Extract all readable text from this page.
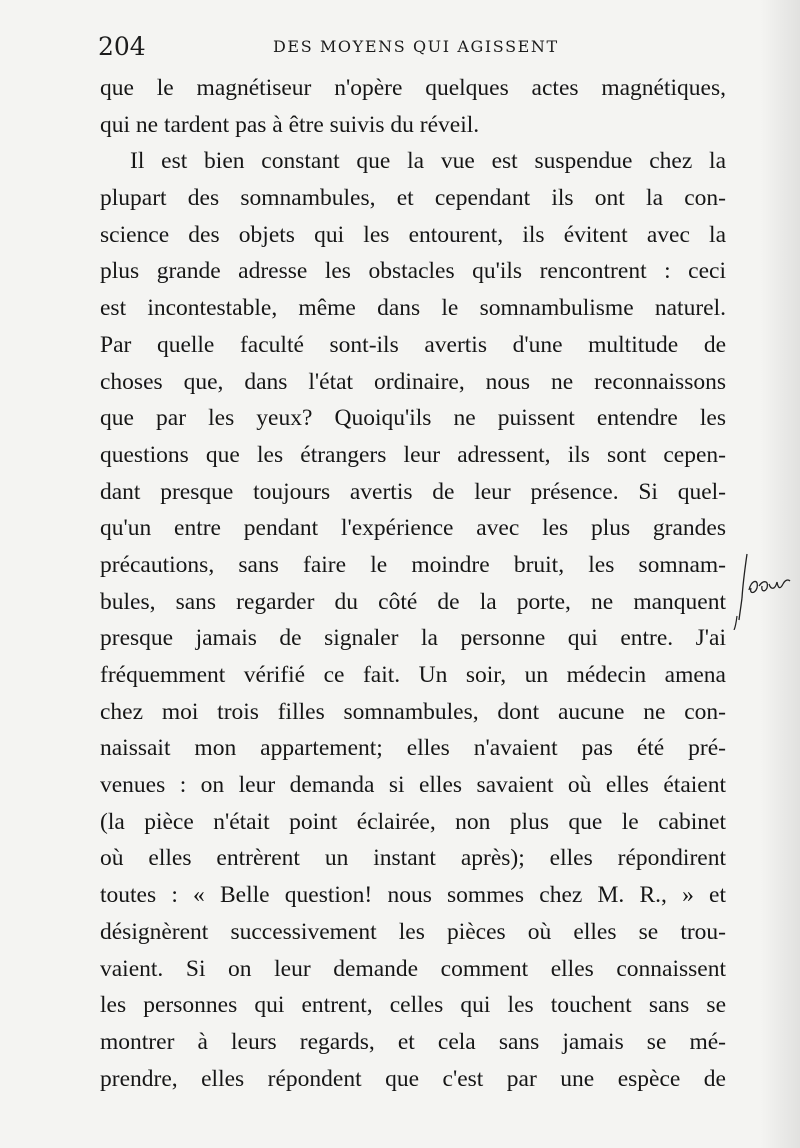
204	DES MOYENS QUI AGISSENT
que le magnétiseur n'opère quelques actes magnétiques,
qui ne tardent pas à être suivis du réveil.
Il est bien constant que la vue est suspendue chez la
plupart des somnambules, et cependant ils ont la con-
science des objets qui les entourent, ils évitent avec la
plus grande adresse les obstacles qu'ils rencontrent : ceci
est incontestable, même dans le somnambulisme naturel.
Par quelle faculté sont-ils avertis d'une multitude de
choses que, dans l'état ordinaire, nous ne reconnaissons
que par les yeux? Quoiqu'ils ne puissent entendre les
questions que les étrangers leur adressent, ils sont cepen-
dant presque toujours avertis de leur présence. Si quel-
qu'un entre pendant l'expérience avec les plus grandes
précautions, sans faire le moindre bruit, les somnam-
bules, sans regarder du côté de la porte, ne manquent
presque jamais de signaler la personne qui entre. J'ai
fréquemment vérifié ce fait. Un soir, un médecin amena
chez moi trois filles somnambules, dont aucune ne con-
naissait mon appartement; elles n'avaient pas été pré-
venues : on leur demanda si elles savaient où elles étaient
(la pièce n'était point éclairée, non plus que le cabinet
où elles entrèrent un instant après); elles répondirent
toutes : « Belle question! nous sommes chez M. R., » et
désignèrent successivement les pièces où elles se trou-
vaient. Si on leur demande comment elles connaissent
les personnes qui entrent, celles qui les touchent sans se
montrer à leurs regards, et cela sans jamais se mé-
prendre, elles répondent que c'est par une espèce de
